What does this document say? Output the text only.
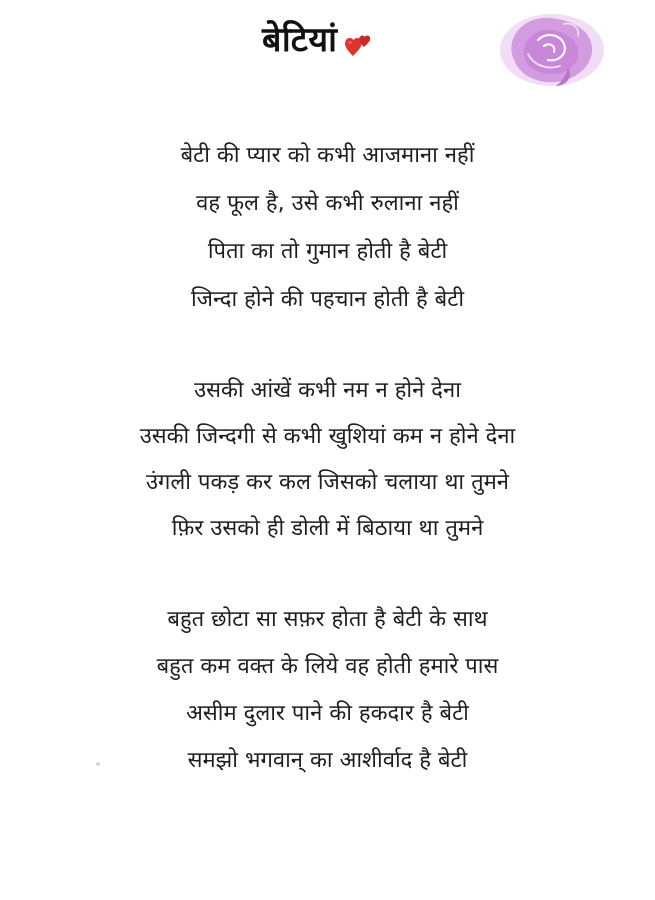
बेटियां
बेटी की प्यार को कभी आजमाना नहीं
वह फूल है, उसे कभी रुलाना नहीं
पिता का तो गुमान होती है बेटी
जिन्दा होने की पहचान होती है बेटी
उसकी आंखें कभी नम न होने देना
उसकी जिन्दगी से कभी खुशियां कम न होने देना
उंगली पकड़ कर कल जिसको चलाया था तुमने
फ़िर उसको ही डोली में बिठाया था तुमने
बहुत छोटा सा सफ़र होता है बेटी के साथ
बहुत कम वक्त के लिये वह होती हमारे पास
असीम दुलार पाने की हकदार है बेटी
समझो भगवान् का आशीर्वाद है बेटी
